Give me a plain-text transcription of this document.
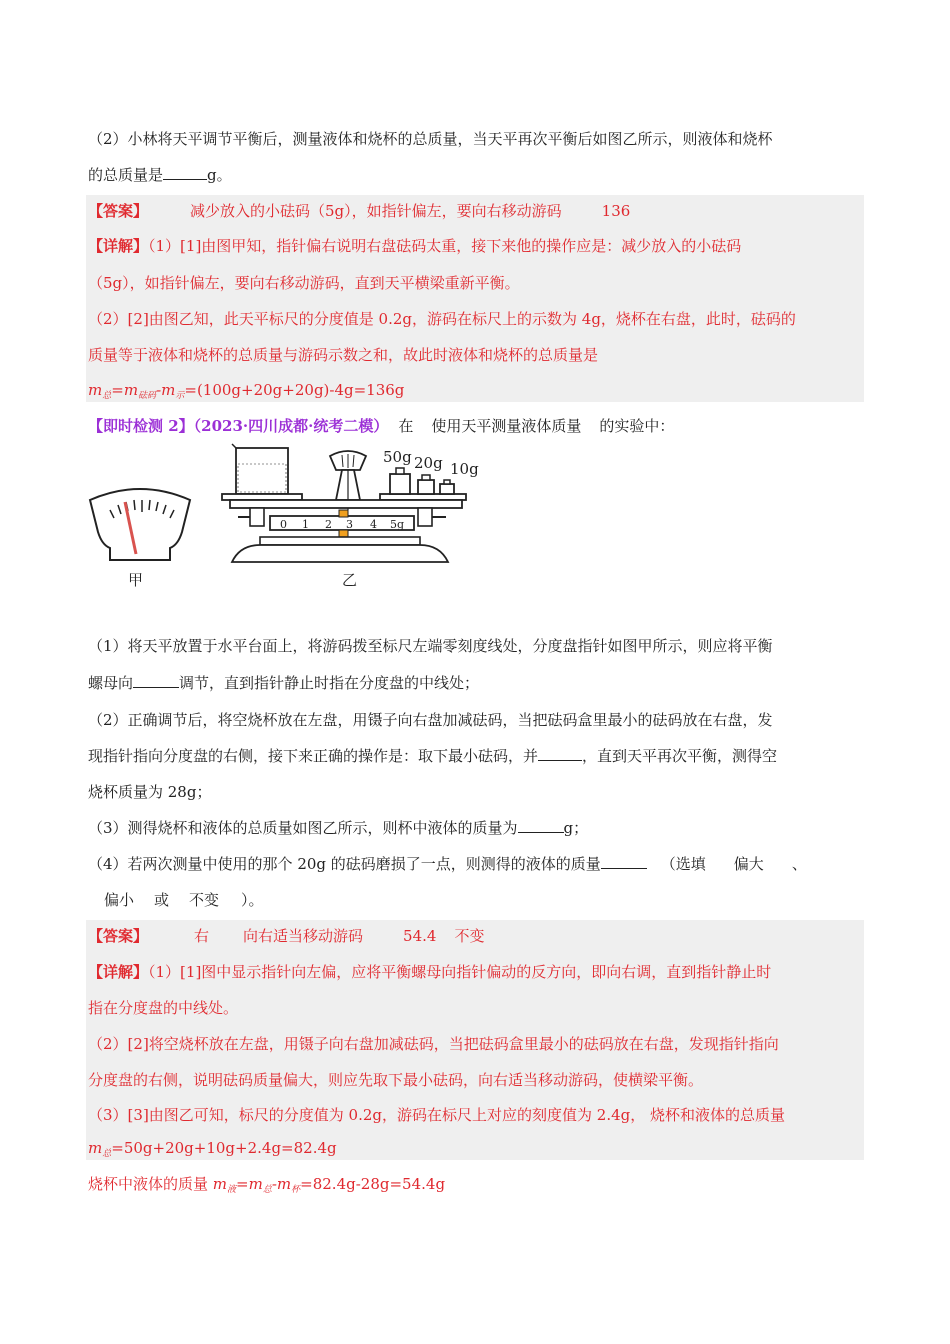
（2）小林将天平调节平衡后，测量液体和烧杯的总质量，当天平再次平衡后如图乙所示，则液体和烧杯
的总质量是	g。
【答案】	减少放入的小砝码（5g），如指针偏左，要向右移动游码	136
【详解】（1）[1]由图甲知，指针偏右说明右盘砝码太重，接下来他的操作应是：减少放入的小砝码
（5g），如指针偏左，要向右移动游码，直到天平横梁重新平衡。
（2）[2]由图乙知，此天平标尺的分度值是 0.2g，游码在标尺上的示数为 4g，烧杯在右盘，此时，砝码的
质量等于液体和烧杯的总质量与游码示数之和，故此时液体和烧杯的总质量是
$m_总=m_{砝码}-m_示=(100g+20g+20g)-4g=136g$
【即时检测 2】（2023·四川成都·统考二模） 在 使用天平测量液体质量 的实验中：
甲
50g 20g 10g
0 1 2 3 4 5g
乙
（1）将天平放置于水平台面上，将游码拨至标尺左端零刻度线处，分度盘指针如图甲所示，则应将平衡
螺母向	调节，直到指针静止时指在分度盘的中线处；
（2）正确调节后，将空烧杯放在左盘，用镊子向右盘加减砝码，当把砝码盒里最小的砝码放在右盘，发
现指针指向分度盘的右侧，接下来正确的操作是：取下最小砝码，并	，直到天平再次平衡，测得空
烧杯质量为 28g；
（3）测得烧杯和液体的总质量如图乙所示，则杯中液体的质量为	g；
（4）若两次测量中使用的那个 20g 的砝码磨损了一点，则测得的液体的质量	（选填 偏大 、
偏小 或 不变 ）。
【答案】	右 向右适当移动游码	54.4 不变
【详解】（1）[1]图中显示指针向左偏，应将平衡螺母向指针偏动的反方向，即向右调，直到指针静止时
指在分度盘的中线处。
（2）[2]将空烧杯放在左盘，用镊子向右盘加减砝码，当把砝码盒里最小的砝码放在右盘，发现指针指向
分度盘的右侧，说明砝码质量偏大，则应先取下最小砝码，向右适当移动游码，使横梁平衡。
（3）[3]由图乙可知，标尺的分度值为 0.2g，游码在标尺上对应的刻度值为 2.4g， 烧杯和液体的总质量
$m_总=50g+20g+10g+2.4g=82.4g$
烧杯中液体的质量 $m_液=m_总-m_杯=82.4g-28g=54.4g$
